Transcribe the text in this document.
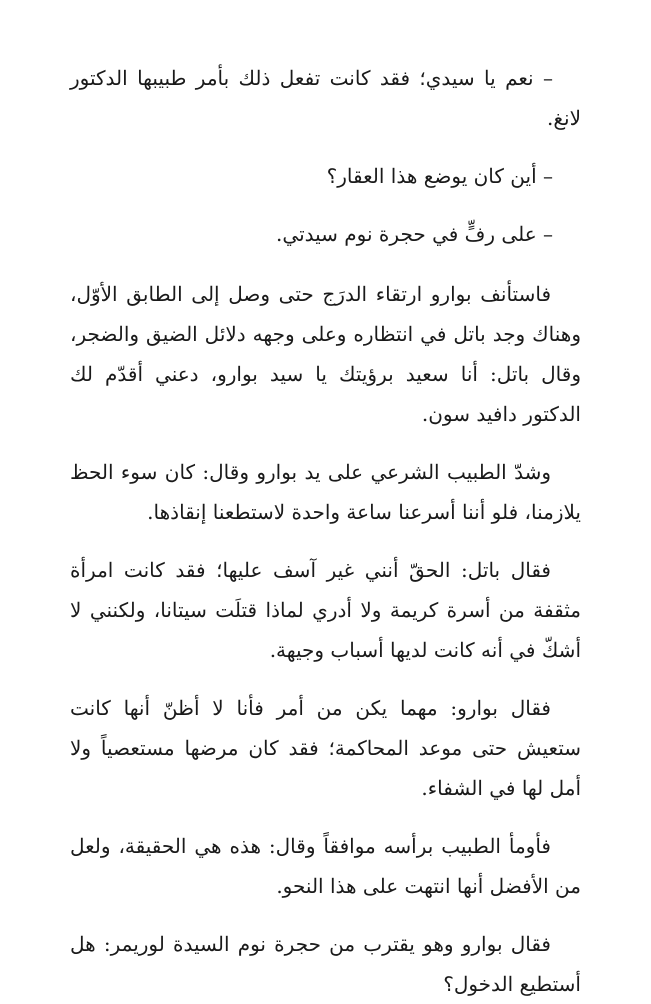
– نعم يا سيدي؛ فقد كانت تفعل ذلك بأمر طبيبها الدكتور لانغ.

– أين كان يوضع هذا العقار؟

– على رفٍّ في حجرة نوم سيدتي.

فاستأنف بوارو ارتقاء الدرَج حتى وصل إلى الطابق الأوّل، وهناك وجد باتل في انتظاره وعلى وجهه دلائل الضيق والضجر، وقال باتل: أنا سعيد برؤيتك يا سيد بوارو، دعني أقدّم لك الدكتور دافيد سون.

وشدّ الطبيب الشرعي على يد بوارو وقال: كان سوء الحظ يلازمنا، فلو أننا أسرعنا ساعة واحدة لاستطعنا إنقاذها.

فقال باتل: الحقّ أنني غير آسف عليها؛ فقد كانت امرأة مثقفة من أسرة كريمة ولا أدري لماذا قتلَت سيتانا، ولكنني لا أشكّ في أنه كانت لديها أسباب وجيهة.

فقال بوارو: مهما يكن من أمر فأنا لا أظنّ أنها كانت ستعيش حتى موعد المحاكمة؛ فقد كان مرضها مستعصياً ولا أمل لها في الشفاء.

فأومأ الطبيب برأسه موافقاً وقال: هذه هي الحقيقة، ولعل من الأفضل أنها انتهت على هذا النحو.

فقال بوارو وهو يقترب من حجرة نوم السيدة لوريمر: هل أستطيع الدخول؟
